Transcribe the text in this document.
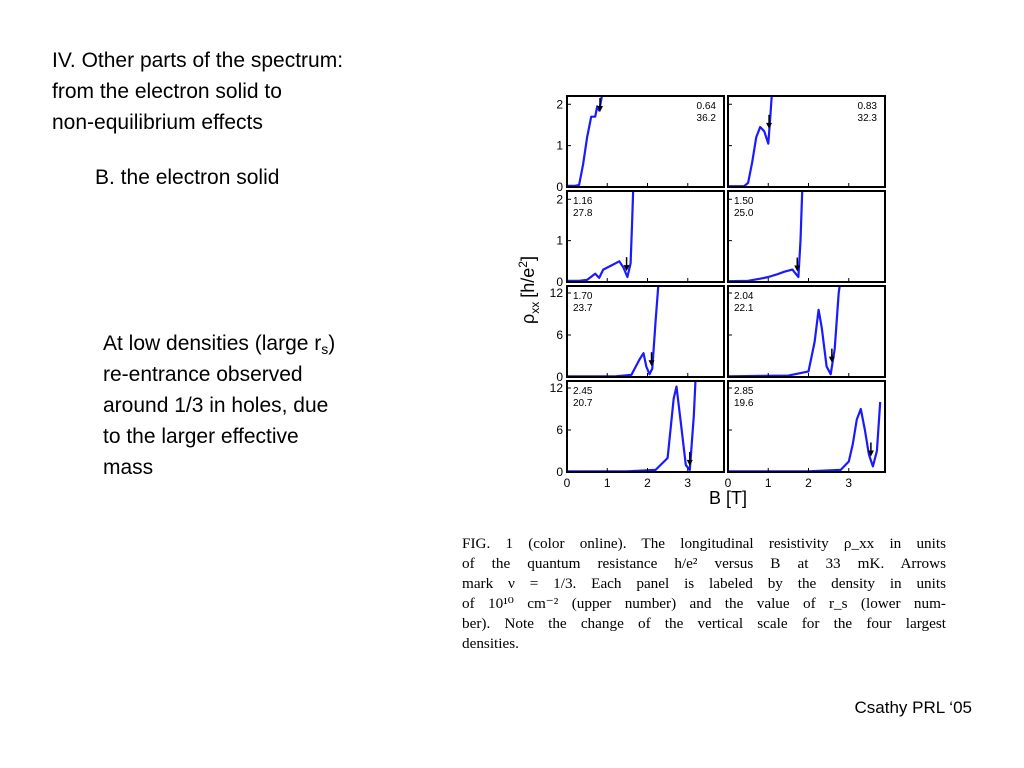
IV. Other parts of the spectrum:
from the electron solid to
non-equilibrium effects
B. the electron solid
At low densities (large $r_s$)
re-entrance observed
around 1/3 in holes, due
to the larger effective
mass
0.64
36.2
0
1
2	0.83
32.3
1.16
27.8
0
1
2	1.50
25.0
1.70
23.7
0
6
12	2.04
22.1
2.45
20.7
0
6
12
0	1	2	3
2.85
19.6
0	1	2	3
B [T]
$\rho_{xx}[h/e^2]$
FIG. 1 (color online). The longitudinal resistivity ρ_xx in units
of the quantum resistance h/e² versus B at 33 mK. Arrows
mark ν = 1/3. Each panel is labeled by the density in units
of 10¹⁰ cm⁻² (upper number) and the value of r_s (lower num-
ber). Note the change of the vertical scale for the four largest
densities.
Csathy PRL ‘05
